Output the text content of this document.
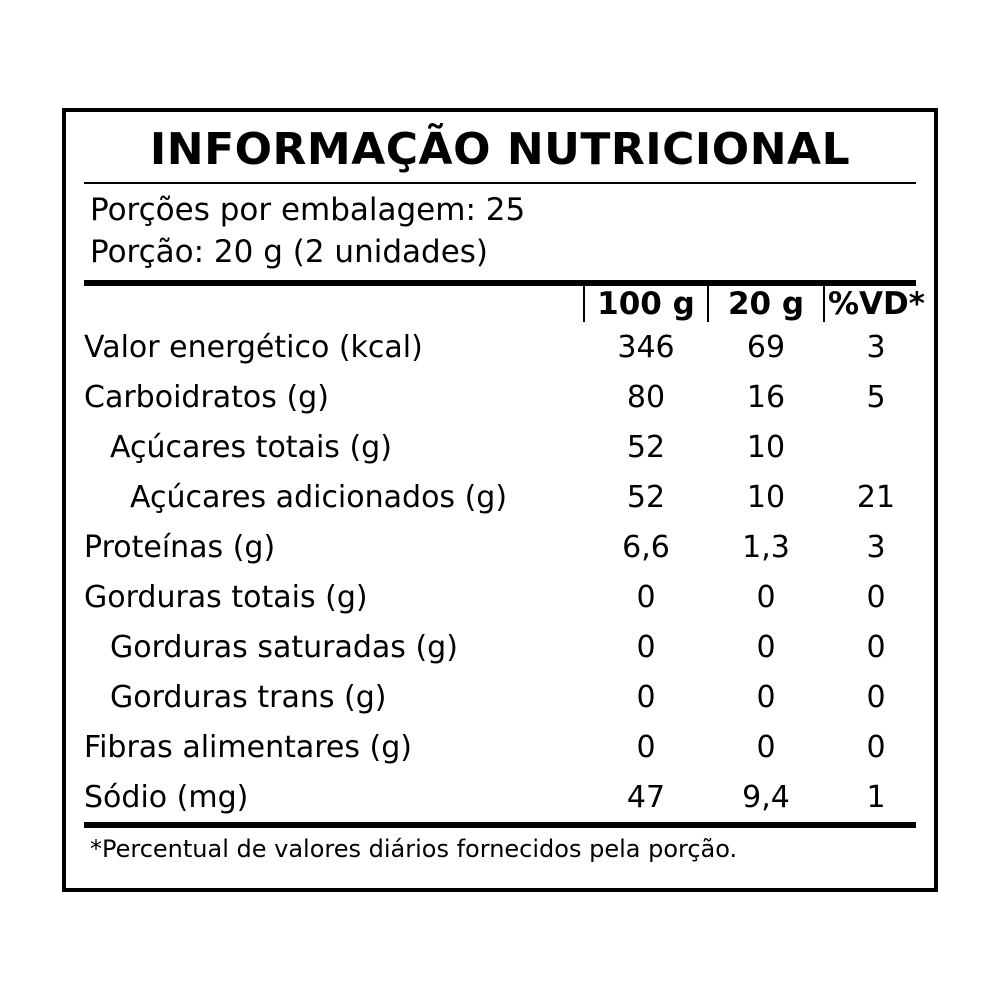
INFORMAÇÃO NUTRICIONAL
Porções por embalagem: 25
Porção: 20 g (2 unidades)
	100 g	20 g	%VD*
Valor energético (kcal)	346	69	3
Carboidratos (g)	80	16	5
Açúcares totais (g)	52	10	
Açúcares adicionados (g)	52	10	21
Proteínas (g)	6,6	1,3	3
Gorduras totais (g)	0	0	0
Gorduras saturadas (g)	0	0	0
Gorduras trans (g)	0	0	0
Fibras alimentares (g)	0	0	0
Sódio (mg)	47	9,4	1
*Percentual de valores diários fornecidos pela porção.
